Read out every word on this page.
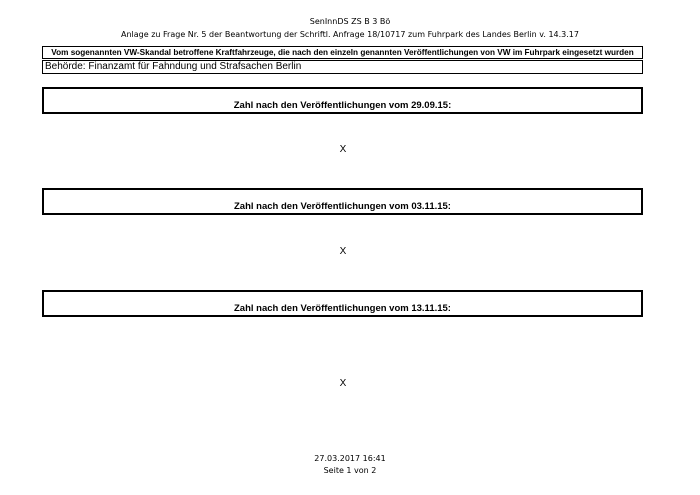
SenInnDS ZS B 3 Bö
Anlage zu Frage Nr. 5 der Beantwortung der Schriftl. Anfrage 18/10717 zum Fuhrpark des Landes Berlin v. 14.3.17
Vom sogenannten VW-Skandal betroffene Kraftfahrzeuge, die nach den einzeln genannten Veröffentlichungen von VW im Fuhrpark eingesetzt wurden
Behörde: Finanzamt für Fahndung und Strafsachen Berlin
Zahl nach den Veröffentlichungen vom 29.09.15:
X
Zahl nach den Veröffentlichungen vom 03.11.15:
X
Zahl nach den Veröffentlichungen vom 13.11.15:
X
27.03.2017 16:41
Seite 1 von 2
